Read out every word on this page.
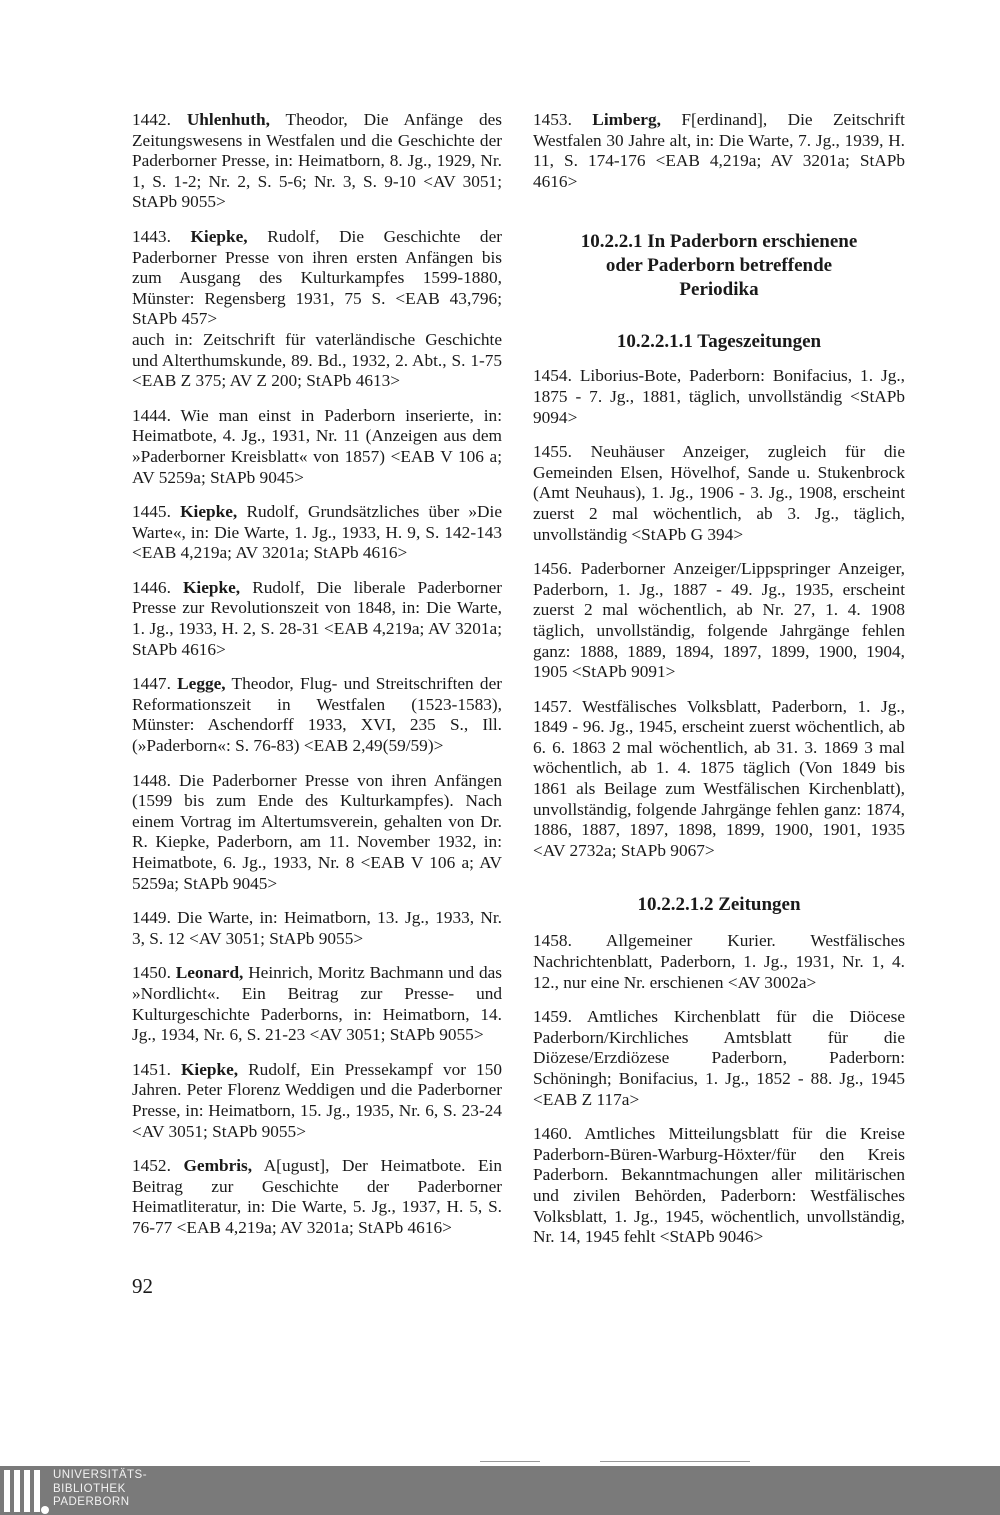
1442. Uhlenhuth, Theodor, Die Anfänge des Zeitungswesens in Westfalen und die Geschichte der Paderborner Presse, in: Heimatborn, 8. Jg., 1929, Nr. 1, S. 1-2; Nr. 2, S. 5-6; Nr. 3, S. 9-10 <AV 3051; StAPb 9055>

1443. Kiepke, Rudolf, Die Geschichte der Paderborner Presse von ihren ersten Anfängen bis zum Ausgang des Kulturkampfes 1599-1880, Münster: Regensberg 1931, 75 S. <EAB 43,796; StAPb 457>

auch in: Zeitschrift für vaterländische Geschichte und Alterthumskunde, 89. Bd., 1932, 2. Abt., S. 1-75 <EAB Z 375; AV Z 200; StAPb 4613>

1444. Wie man einst in Paderborn inserierte, in: Heimatbote, 4. Jg., 1931, Nr. 11 (Anzeigen aus dem »Paderborner Kreisblatt« von 1857) <EAB V 106 a; AV 5259a; StAPb 9045>

1445. Kiepke, Rudolf, Grundsätzliches über »Die Warte«, in: Die Warte, 1. Jg., 1933, H. 9, S. 142-143 <EAB 4,219a; AV 3201a; StAPb 4616>

1446. Kiepke, Rudolf, Die liberale Paderborner Presse zur Revolutionszeit von 1848, in: Die Warte, 1. Jg., 1933, H. 2, S. 28-31 <EAB 4,219a; AV 3201a; StAPb 4616>

1447. Legge, Theodor, Flug- und Streitschriften der Reformationszeit in Westfalen (1523-1583), Münster: Aschendorff 1933, XVI, 235 S., Ill. (»Paderborn«: S. 76-83) <EAB 2,49(59/59)>

1448. Die Paderborner Presse von ihren Anfängen (1599 bis zum Ende des Kulturkampfes). Nach einem Vortrag im Altertumsverein, gehalten von Dr. R. Kiepke, Paderborn, am 11. November 1932, in: Heimatbote, 6. Jg., 1933, Nr. 8 <EAB V 106 a; AV 5259a; StAPb 9045>

1449. Die Warte, in: Heimatborn, 13. Jg., 1933, Nr. 3, S. 12 <AV 3051; StAPb 9055>

1450. Leonard, Heinrich, Moritz Bachmann und das »Nordlicht«. Ein Beitrag zur Presse- und Kulturgeschichte Paderborns, in: Heimatborn, 14. Jg., 1934, Nr. 6, S. 21-23 <AV 3051; StAPb 9055>

1451. Kiepke, Rudolf, Ein Pressekampf vor 150 Jahren. Peter Florenz Weddigen und die Paderborner Presse, in: Heimatborn, 15. Jg., 1935, Nr. 6, S. 23-24 <AV 3051; StAPb 9055>

1452. Gembris, A[ugust], Der Heimatbote. Ein Beitrag zur Geschichte der Paderborner Heimatliteratur, in: Die Warte, 5. Jg., 1937, H. 5, S. 76-77 <EAB 4,219a; AV 3201a; StAPb 4616>

1453. Limberg, F[erdinand], Die Zeitschrift Westfalen 30 Jahre alt, in: Die Warte, 7. Jg., 1939, H. 11, S. 174-176 <EAB 4,219a; AV 3201a; StAPb 4616>

10.2.2.1 In Paderborn erschienene
oder Paderborn betreffende
Periodika
10.2.2.1.1 Tageszeitungen

1454. Liborius-Bote, Paderborn: Bonifacius, 1. Jg., 1875 - 7. Jg., 1881, täglich, unvollständig <StAPb 9094>

1455. Neuhäuser Anzeiger, zugleich für die Gemeinden Elsen, Hövelhof, Sande u. Stukenbrock (Amt Neuhaus), 1. Jg., 1906 - 3. Jg., 1908, erscheint zuerst 2 mal wöchentlich, ab 3. Jg., täglich, unvollständig <StAPb G 394>

1456. Paderborner Anzeiger/Lippspringer Anzeiger, Paderborn, 1. Jg., 1887 - 49. Jg., 1935, erscheint zuerst 2 mal wöchentlich, ab Nr. 27, 1. 4. 1908 täglich, unvollständig, folgende Jahrgänge fehlen ganz: 1888, 1889, 1894, 1897, 1899, 1900, 1904, 1905 <StAPb 9091>

1457. Westfälisches Volksblatt, Paderborn, 1. Jg., 1849 - 96. Jg., 1945, erscheint zuerst wöchentlich, ab 6. 6. 1863 2 mal wöchentlich, ab 31. 3. 1869 3 mal wöchentlich, ab 1. 4. 1875 täglich (Von 1849 bis 1861 als Beilage zum Westfälischen Kirchenblatt), unvollständig, folgende Jahrgänge fehlen ganz: 1874, 1886, 1887, 1897, 1898, 1899, 1900, 1901, 1935 <AV 2732a; StAPb 9067>

10.2.2.1.2 Zeitungen

1458. Allgemeiner Kurier. Westfälisches Nachrichtenblatt, Paderborn, 1. Jg., 1931, Nr. 1, 4. 12., nur eine Nr. erschienen <AV 3002a>

1459. Amtliches Kirchenblatt für die Diöcese Paderborn/Kirchliches Amtsblatt für die Diözese/Erzdiözese Paderborn, Paderborn: Schöningh; Bonifacius, 1. Jg., 1852 - 88. Jg., 1945 <EAB Z 117a>

1460. Amtliches Mitteilungsblatt für die Kreise Paderborn-Büren-Warburg-Höxter/für den Kreis Paderborn. Bekanntmachungen aller militärischen und zivilen Behörden, Paderborn: Westfälisches Volksblatt, 1. Jg., 1945, wöchentlich, unvollständig, Nr. 14, 1945 fehlt <StAPb 9046>

92
UNIVERSITÄTS-
BIBLIOTHEK
PADERBORN
